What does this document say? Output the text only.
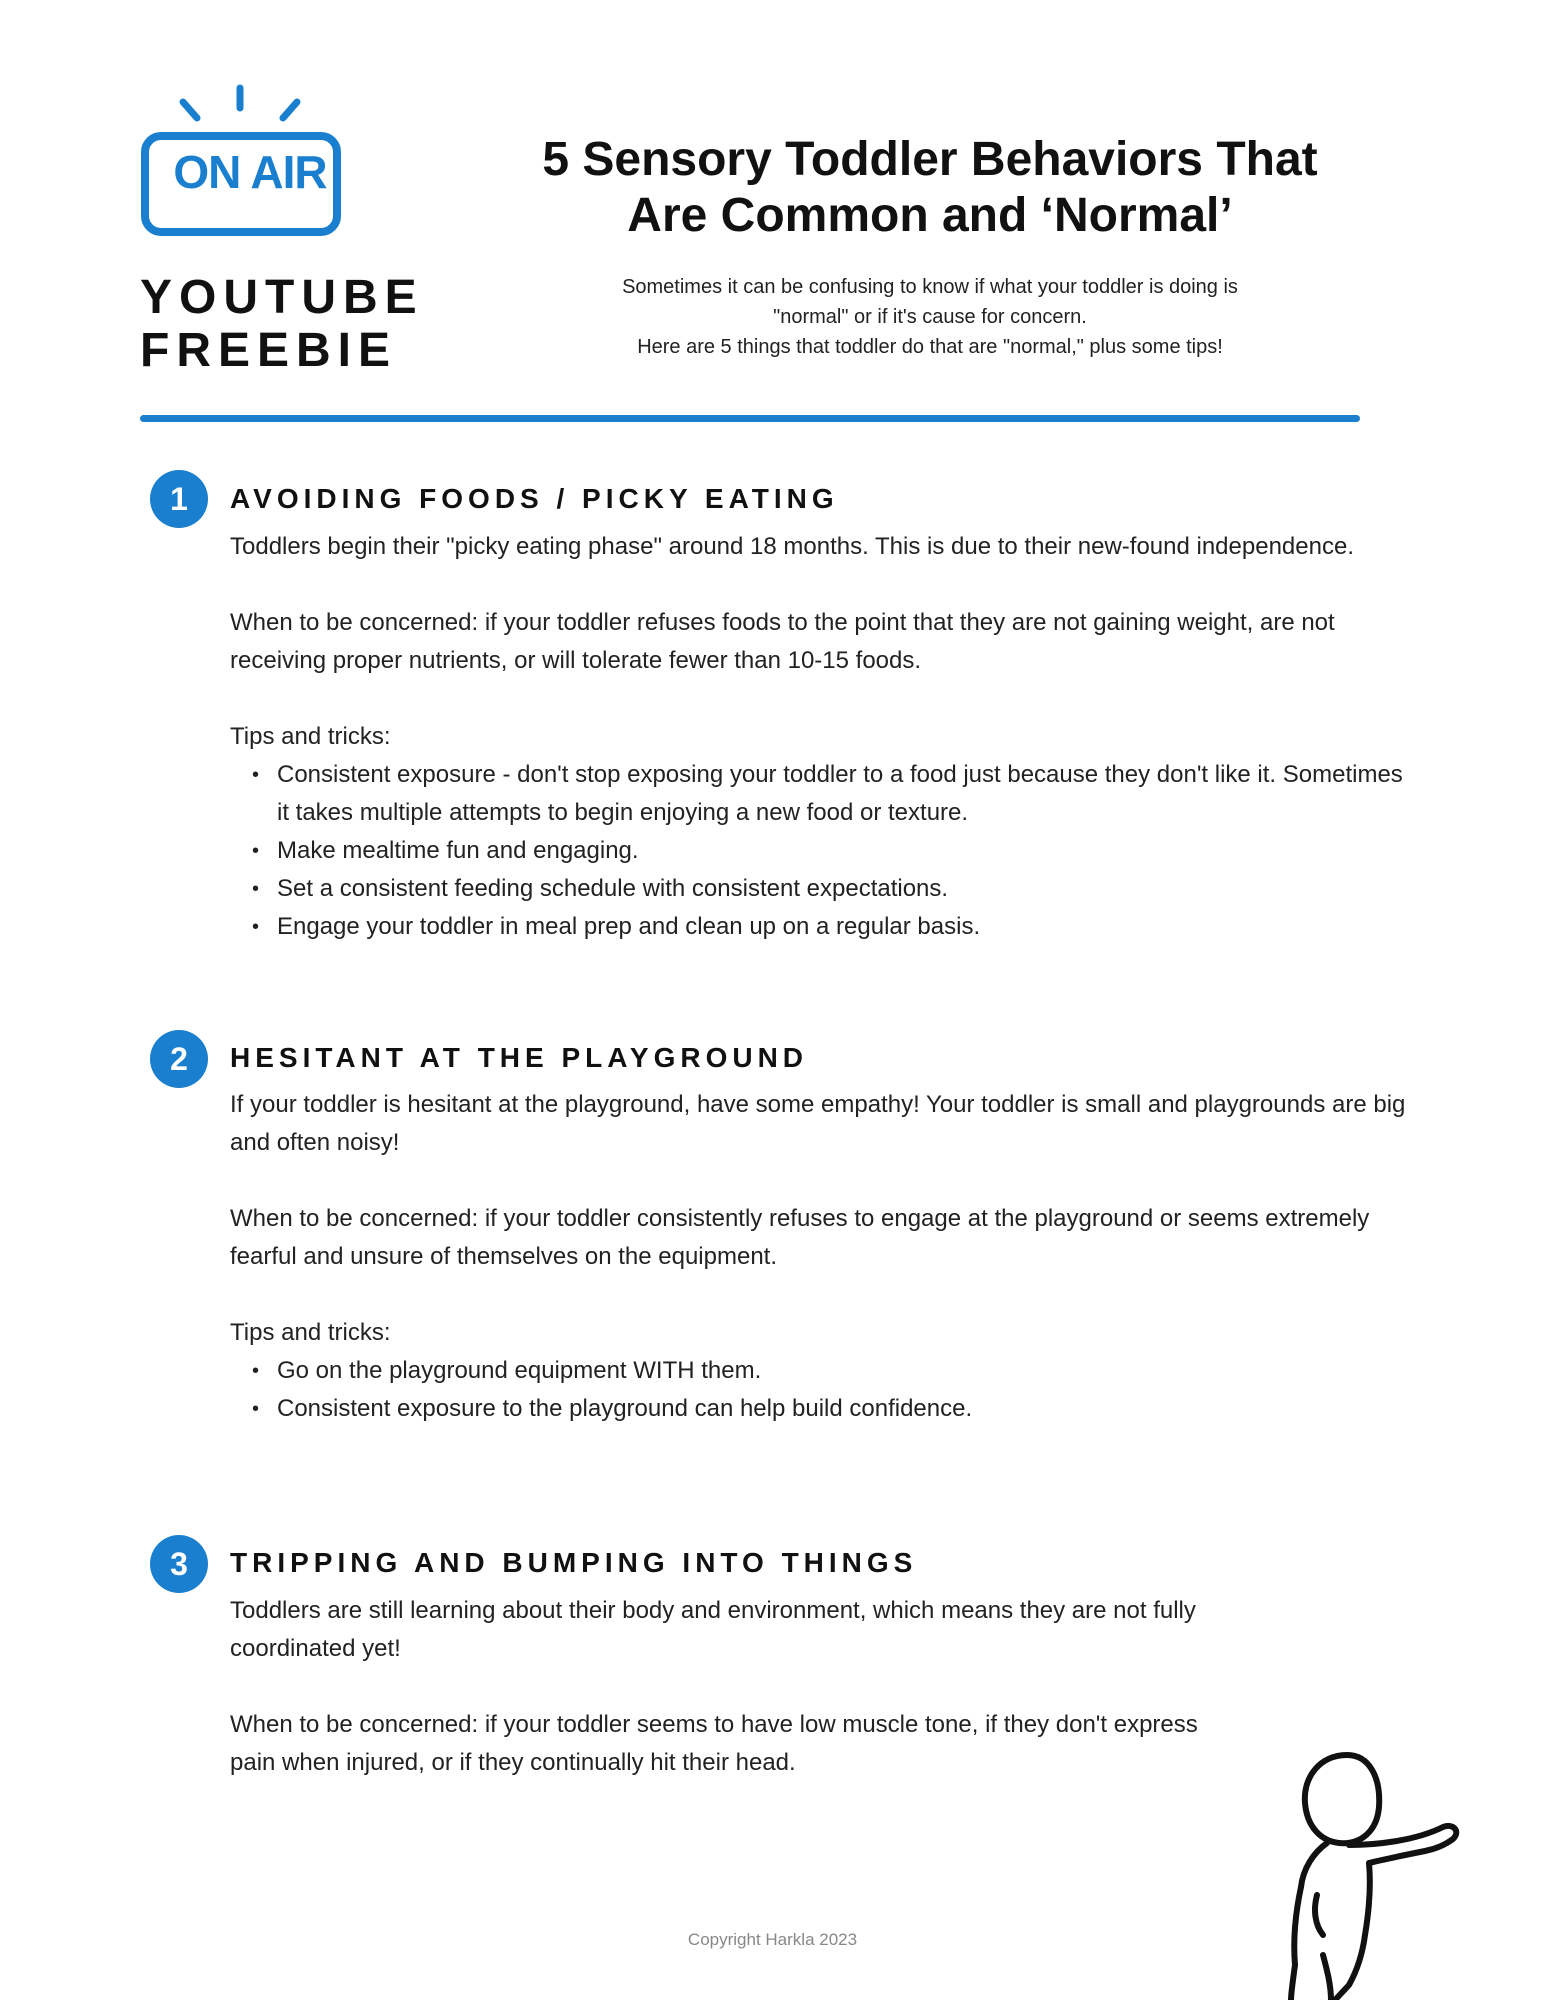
ON AIR
YOUTUBE
FREEBIE
5 Sensory Toddler Behaviors That
Are Common and ‘Normal’
Sometimes it can be confusing to know if what your toddler is doing is
"normal" or if it's cause for concern.
Here are 5 things that toddler do that are "normal," plus some tips!
1	AVOIDING FOODS / PICKY EATING

Toddlers begin their "picky eating phase" around 18 months. This is due to their new-found independence.

When to be concerned: if your toddler refuses foods to the point that they are not gaining weight, are not receiving proper nutrients, or will tolerate fewer than 10-15 foods.

Tips and tricks:

• Consistent exposure - don't stop exposing your toddler to a food just because they don't like it. Sometimes it takes multiple attempts to begin enjoying a new food or texture.
• Make mealtime fun and engaging.
• Set a consistent feeding schedule with consistent expectations.
• Engage your toddler in meal prep and clean up on a regular basis.
2	HESITANT AT THE PLAYGROUND

If your toddler is hesitant at the playground, have some empathy! Your toddler is small and playgrounds are big and often noisy!

When to be concerned: if your toddler consistently refuses to engage at the playground or seems extremely fearful and unsure of themselves on the equipment.

Tips and tricks:

• Go on the playground equipment WITH them.
• Consistent exposure to the playground can help build confidence.
3	TRIPPING AND BUMPING INTO THINGS

Toddlers are still learning about their body and environment, which means they are not fully coordinated yet!

When to be concerned: if your toddler seems to have low muscle tone, if they don't express pain when injured, or if they continually hit their head.

Copyright Harkla 2023
